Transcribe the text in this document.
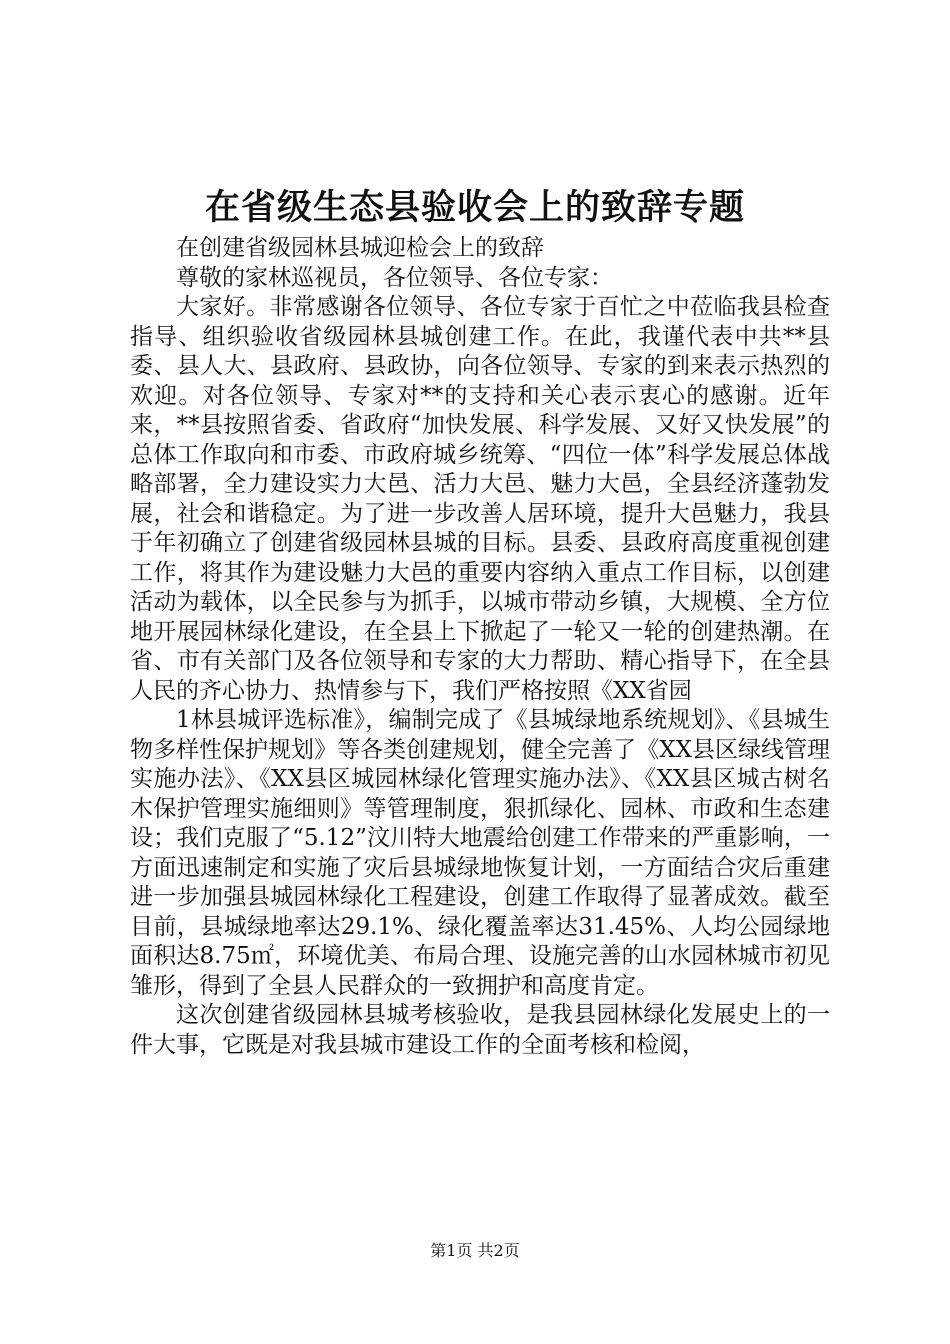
在省级生态县验收会上的致辞专题

在创建省级园林县城迎检会上的致辞

尊敬的家林巡视员，各位领导、各位专家：

大家好。非常感谢各位领导、各位专家于百忙之中莅临我县检查指导、组织验收省级园林县城创建工作。在此，我谨代表中共**县委、县人大、县政府、县政协，向各位领导、专家的到来表示热烈的欢迎。对各位领导、专家对**的支持和关心表示衷心的感谢。近年来，**县按照省委、省政府“加快发展、科学发展、又好又快发展”的总体工作取向和市委、市政府城乡统筹、“四位一体”科学发展总体战略部署，全力建设实力大邑、活力大邑、魅力大邑，全县经济蓬勃发展，社会和谐稳定。为了进一步改善人居环境，提升大邑魅力，我县于年初确立了创建省级园林县城的目标。县委、县政府高度重视创建工作，将其作为建设魅力大邑的重要内容纳入重点工作目标，以创建活动为载体，以全民参与为抓手，以城市带动乡镇，大规模、全方位地开展园林绿化建设，在全县上下掀起了一轮又一轮的创建热潮。在省、市有关部门及各位领导和专家的大力帮助、精心指导下，在全县人民的齐心协力、热情参与下，我们严格按照《XX省园

1林县城评选标准》，编制完成了《县城绿地系统规划》、《县城生物多样性保护规划》等各类创建规划，健全完善了《XX县区绿线管理实施办法》、《XX县区城园林绿化管理实施办法》、《XX县区城古树名木保护管理实施细则》等管理制度，狠抓绿化、园林、市政和生态建设；我们克服了“5.12”汶川特大地震给创建工作带来的严重影响，一方面迅速制定和实施了灾后县城绿地恢复计划，一方面结合灾后重建进一步加强县城园林绿化工程建设，创建工作取得了显著成效。截至目前，县城绿地率达29.1%、绿化覆盖率达31.45%、人均公园绿地面积达8.75㎡，环境优美、布局合理、设施完善的山水园林城市初见雏形，得到了全县人民群众的一致拥护和高度肯定。

这次创建省级园林县城考核验收，是我县园林绿化发展史上的一件大事，它既是对我县城市建设工作的全面考核和检阅，

第1页 共2页
